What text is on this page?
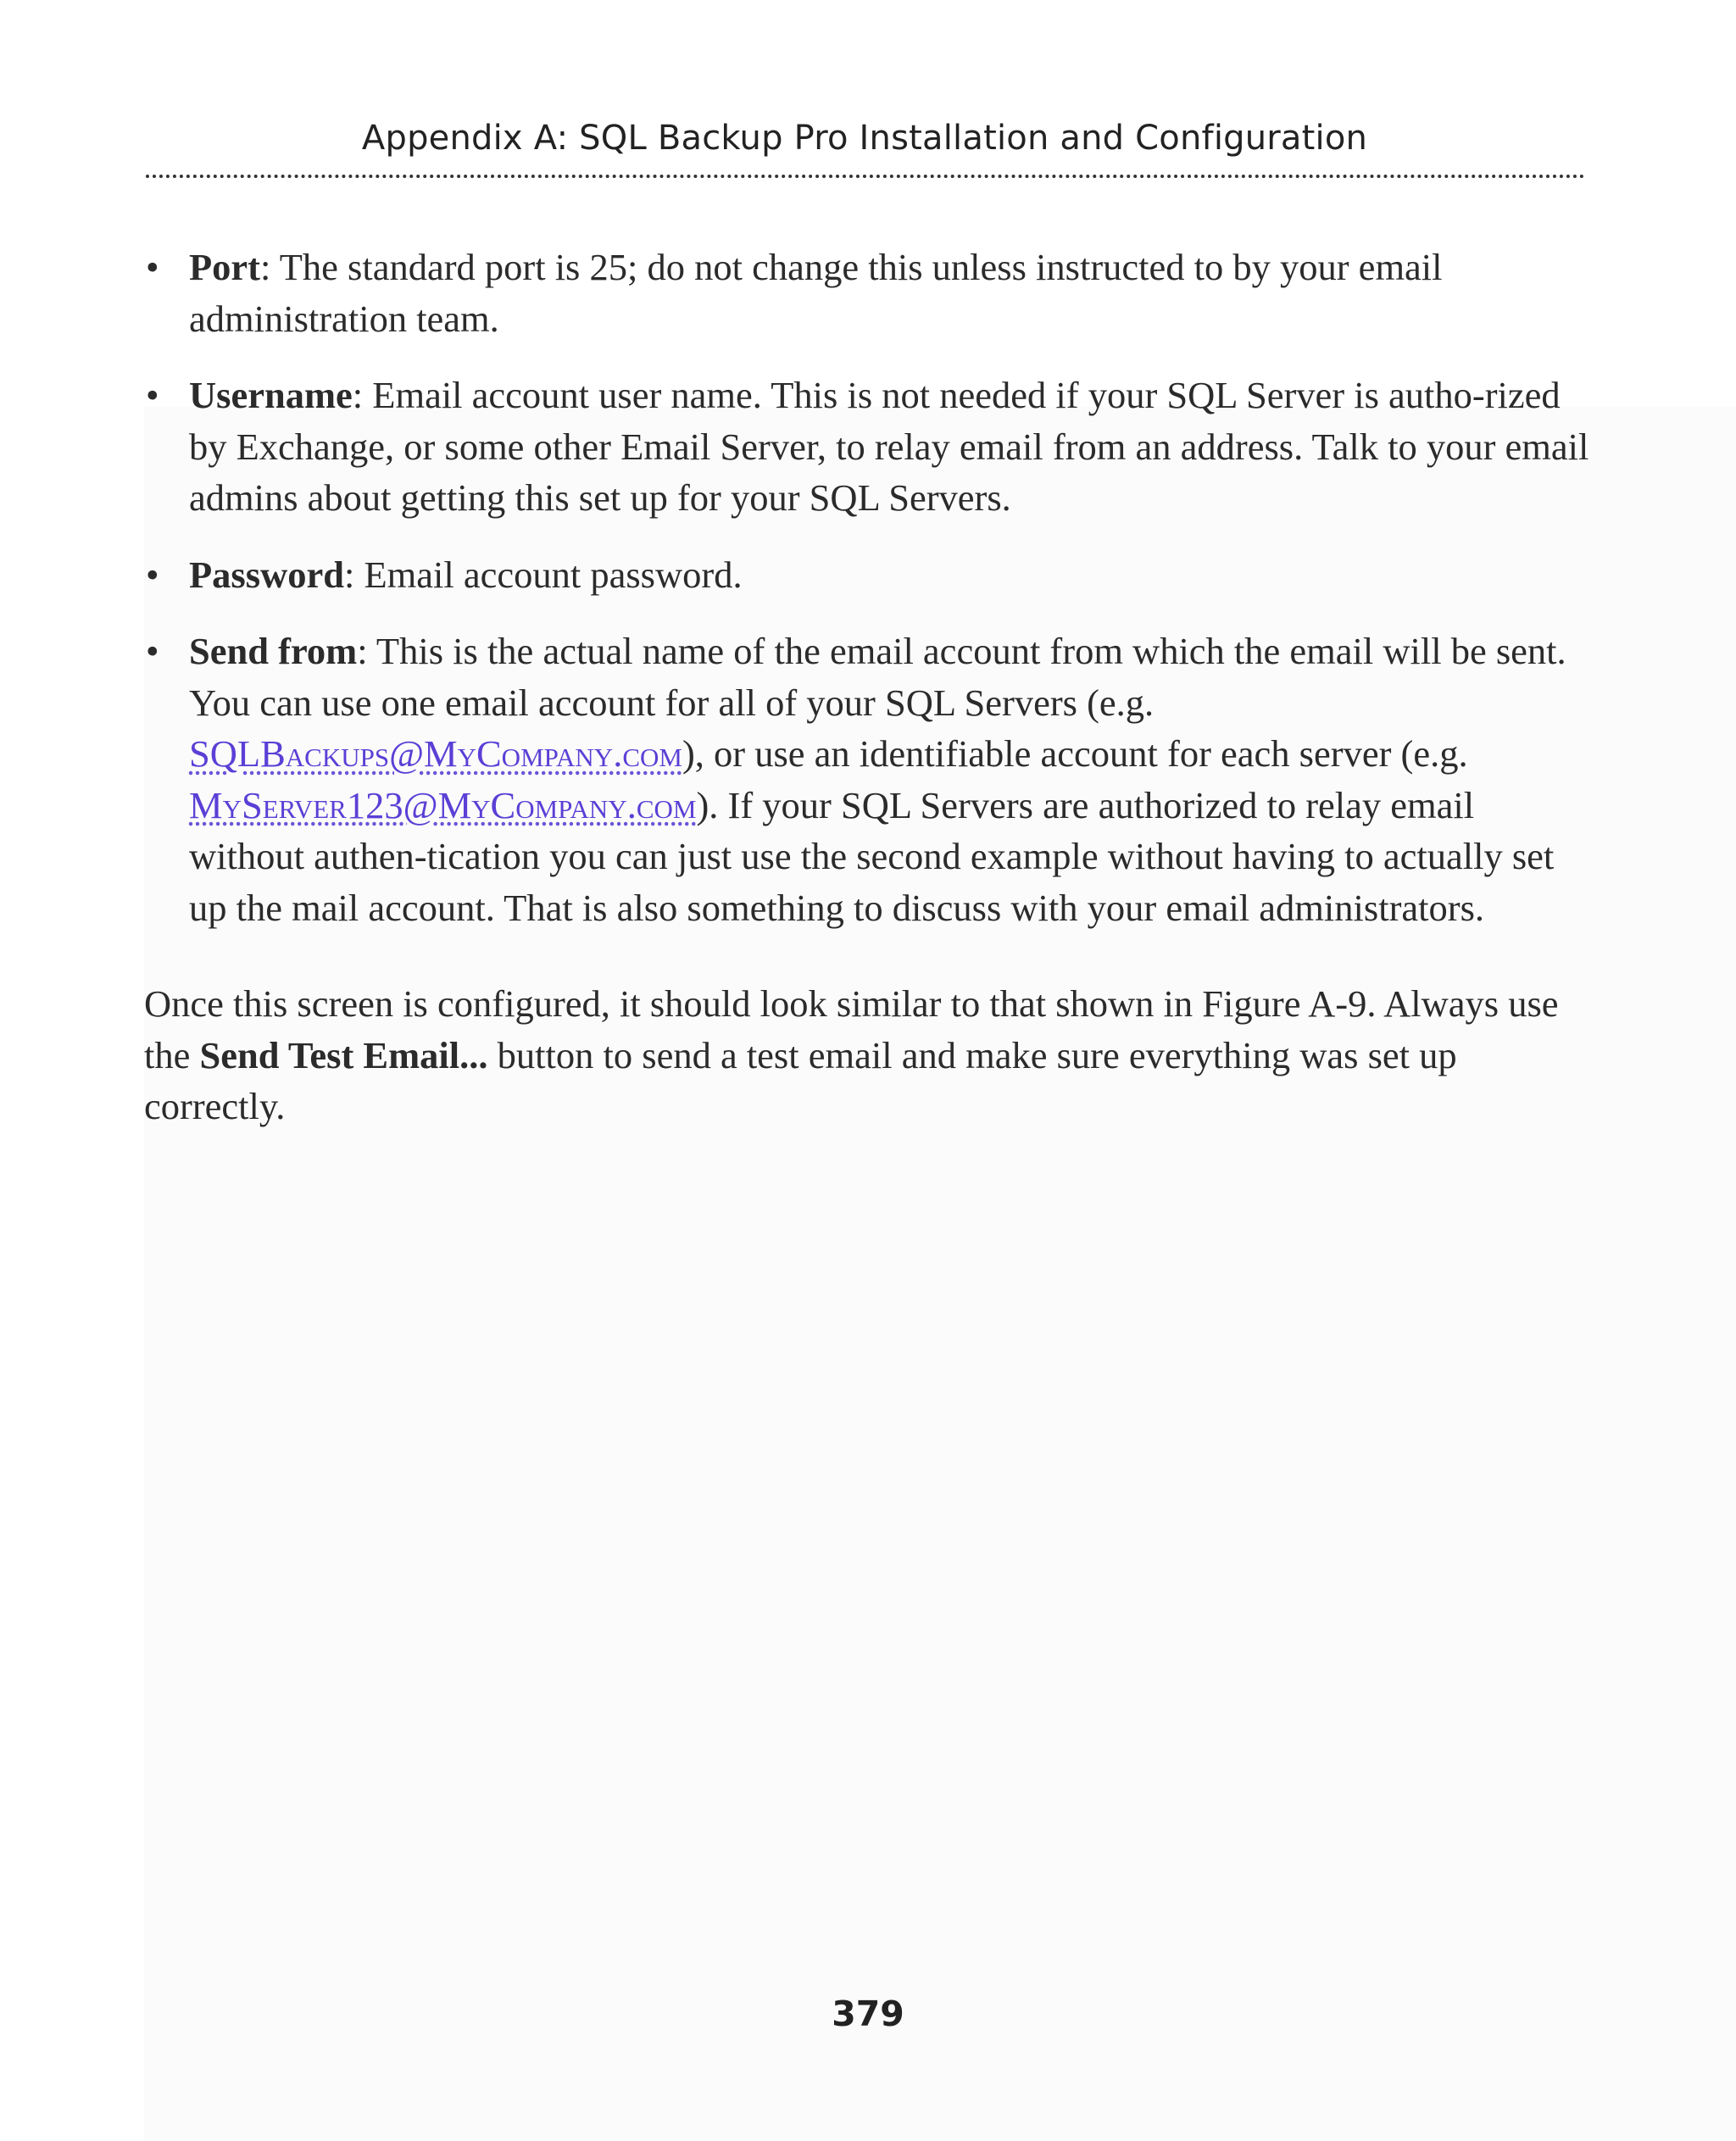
Appendix A: SQL Backup Pro Installation and Configuration
• Port: The standard port is 25; do not change this unless instructed to by your email administration team.
• Username: Email account user name. This is not needed if your SQL Server is autho-rized by Exchange, or some other Email Server, to relay email from an address. Talk to your email admins about getting this set up for your SQL Servers.
• Password: Email account password.
• Send from: This is the actual name of the email account from which the email will be sent. You can use one email account for all of your SQL Servers (e.g. SQLBackups@MyCompany.com), or use an identifiable account for each server (e.g. MyServer123@MyCompany.com). If your SQL Servers are authorized to relay email without authen-tication you can just use the second example without having to actually set up the mail account. That is also something to discuss with your email administrators.

Once this screen is configured, it should look similar to that shown in Figure A-9. Always use the Send Test Email... button to send a test email and make sure everything was set up correctly.

379
